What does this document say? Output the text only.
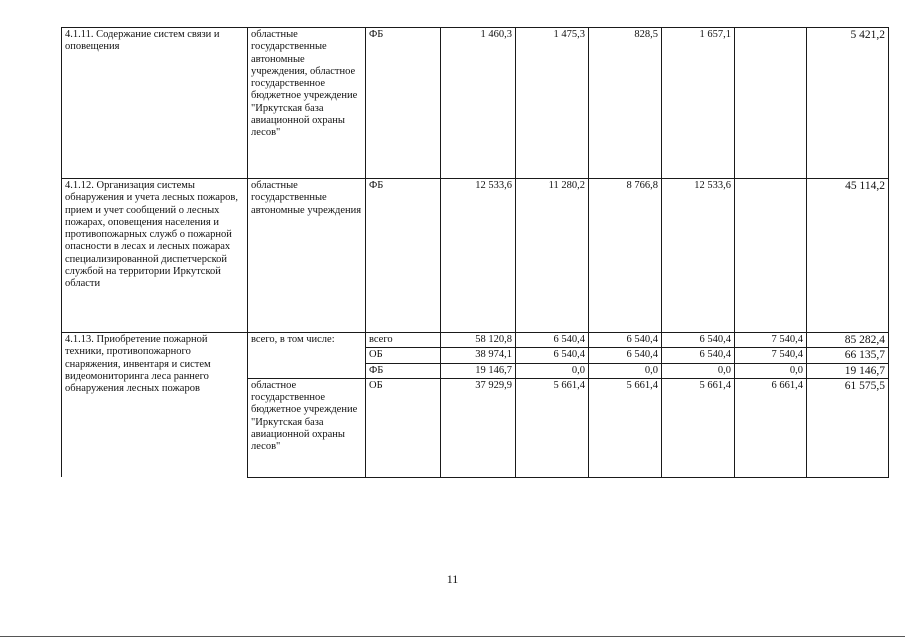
4.1.11. Содержание систем связи и оповещения	областные государственные автономные учреждения, областное государственное бюджетное учреждение "Иркутская база авиационной охраны лесов"	ФБ	1 460,3	1 475,3	828,5	1 657,1		5 421,2
4.1.12. Организация системы обнаружения и учета лесных пожаров, прием и учет сообщений о лесных пожарах, оповещения населения и противопожарных служб о пожарной опасности в лесах и лесных пожарах специализированной диспетчерской службой на территории Иркутской области	областные государственные автономные учреждения	ФБ	12 533,6	11 280,2	8 766,8	12 533,6		45 114,2
4.1.13. Приобретение пожарной техники, противопожарного снаряжения, инвентаря и систем видеомониторинга леса раннего обнаружения лесных пожаров	всего, в том числе:	всего	58 120,8	6 540,4	6 540,4	6 540,4	7 540,4	85 282,4
		ОБ	38 974,1	6 540,4	6 540,4	6 540,4	7 540,4	66 135,7
		ФБ	19 146,7	0,0	0,0	0,0	0,0	19 146,7
	областное государственное бюджетное учреждение "Иркутская база авиационной охраны лесов"	ОБ	37 929,9	5 661,4	5 661,4	5 661,4	6 661,4	61 575,5
11
